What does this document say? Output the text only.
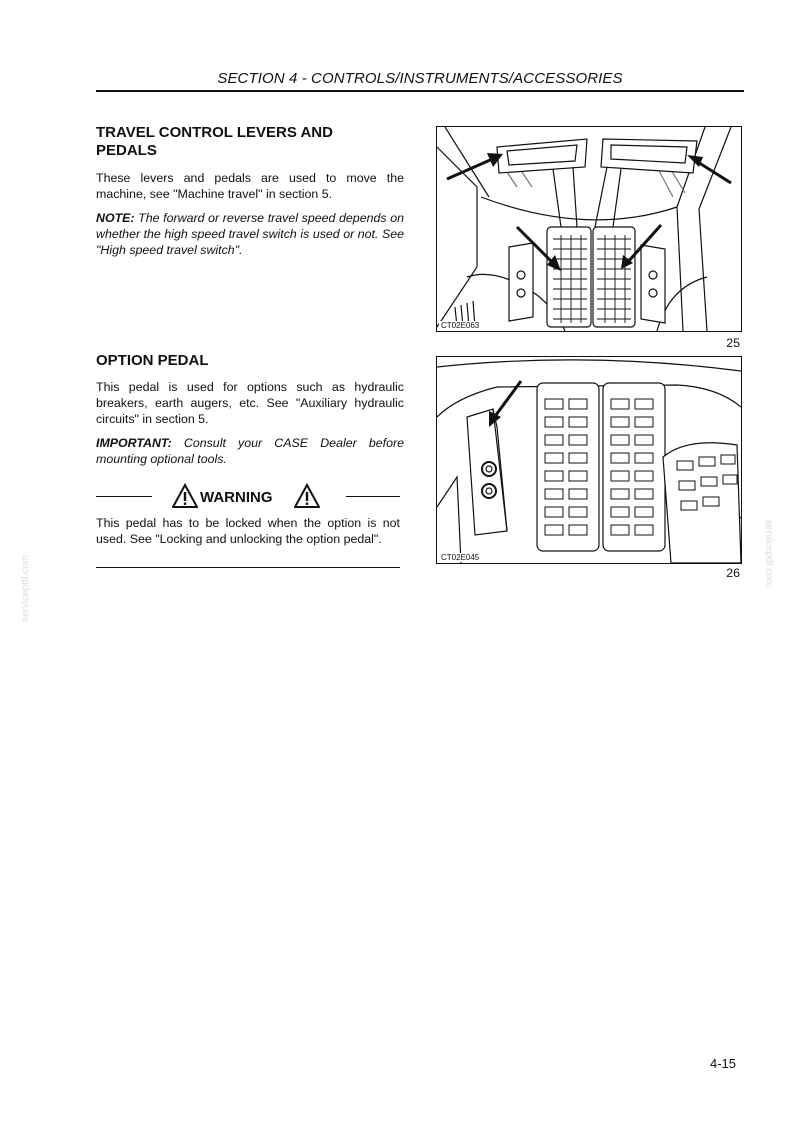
SECTION 4 - CONTROLS/INSTRUMENTS/ACCESSORIES
TRAVEL CONTROL LEVERS AND
PEDALS

These levers and pedals are used to move the machine, see "Machine travel" in section 5.

NOTE: The forward or reverse travel speed depends on whether the high speed travel switch is used or not. See "High speed travel switch".

CT02E063
25
OPTION PEDAL

This pedal is used for options such as hydraulic breakers, earth augers, etc. See "Auxiliary hydraulic circuits" in section 5.

IMPORTANT: Consult your CASE Dealer before mounting optional tools.

WARNING

This pedal has to be locked when the option is not used. See "Locking and unlocking the option pedal".

CT02E045
26
servicepdf.com
servicepdf.com
4-15
